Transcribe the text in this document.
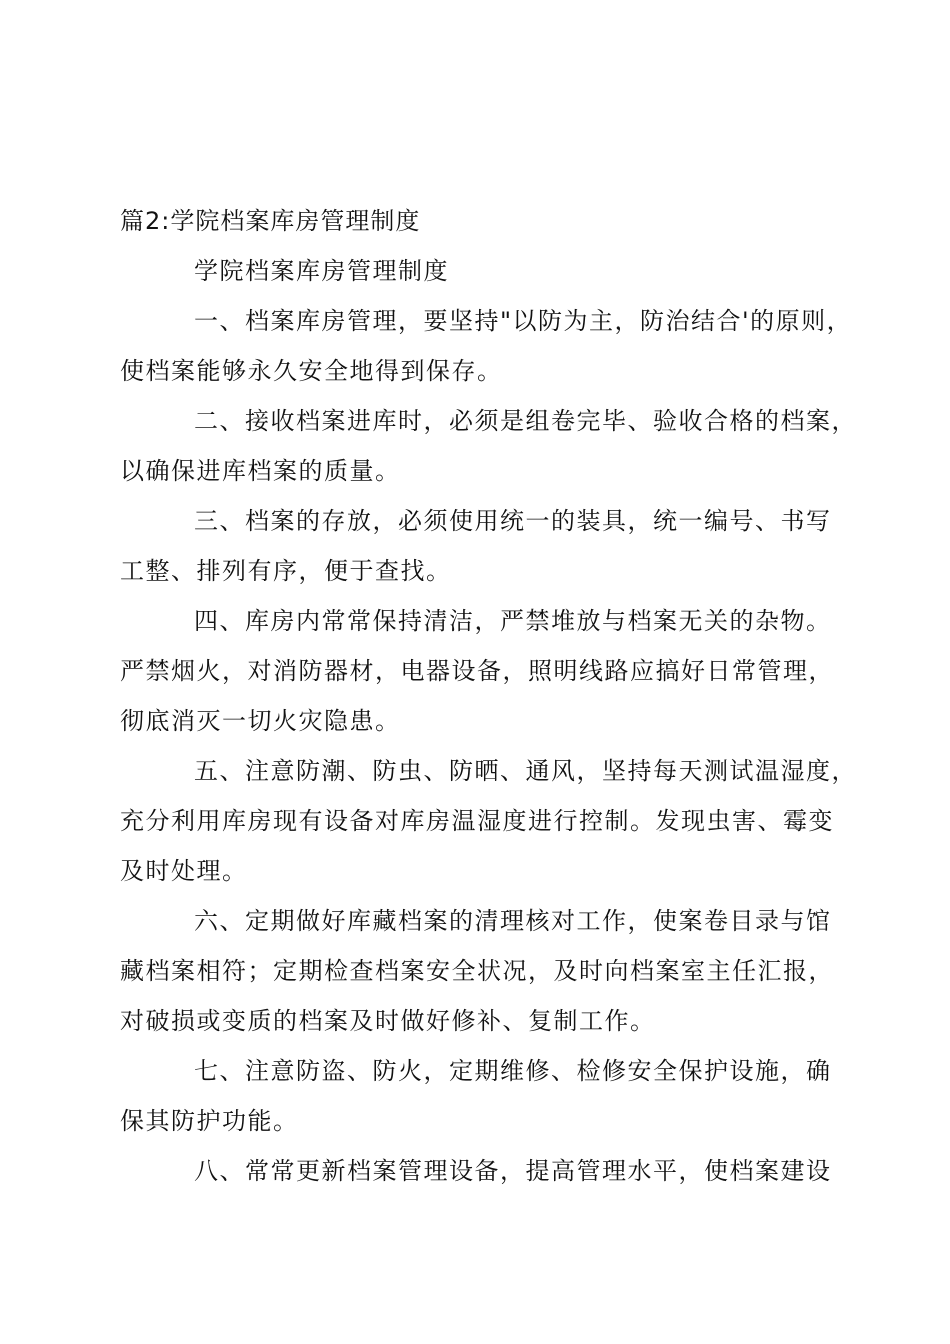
篇2:学院档案库房管理制度
学院档案库房管理制度
一、档案库房管理，要坚持"以防为主，防治结合'的原则，
使档案能够永久安全地得到保存。
二、接收档案进库时，必须是组卷完毕、验收合格的档案，
以确保进库档案的质量。
三、档案的存放，必须使用统一的装具，统一编号、书写
工整、排列有序，便于查找。
四、库房内常常保持清洁，严禁堆放与档案无关的杂物。
严禁烟火，对消防器材，电器设备，照明线路应搞好日常管理，
彻底消灭一切火灾隐患。
五、注意防潮、防虫、防晒、通风，坚持每天测试温湿度，
充分利用库房现有设备对库房温湿度进行控制。发现虫害、霉变
及时处理。
六、定期做好库藏档案的清理核对工作，使案卷目录与馆
藏档案相符；定期检查档案安全状况，及时向档案室主任汇报，
对破损或变质的档案及时做好修补、复制工作。
七、注意防盗、防火，定期维修、检修安全保护设施，确
保其防护功能。
八、常常更新档案管理设备，提高管理水平，使档案建设
